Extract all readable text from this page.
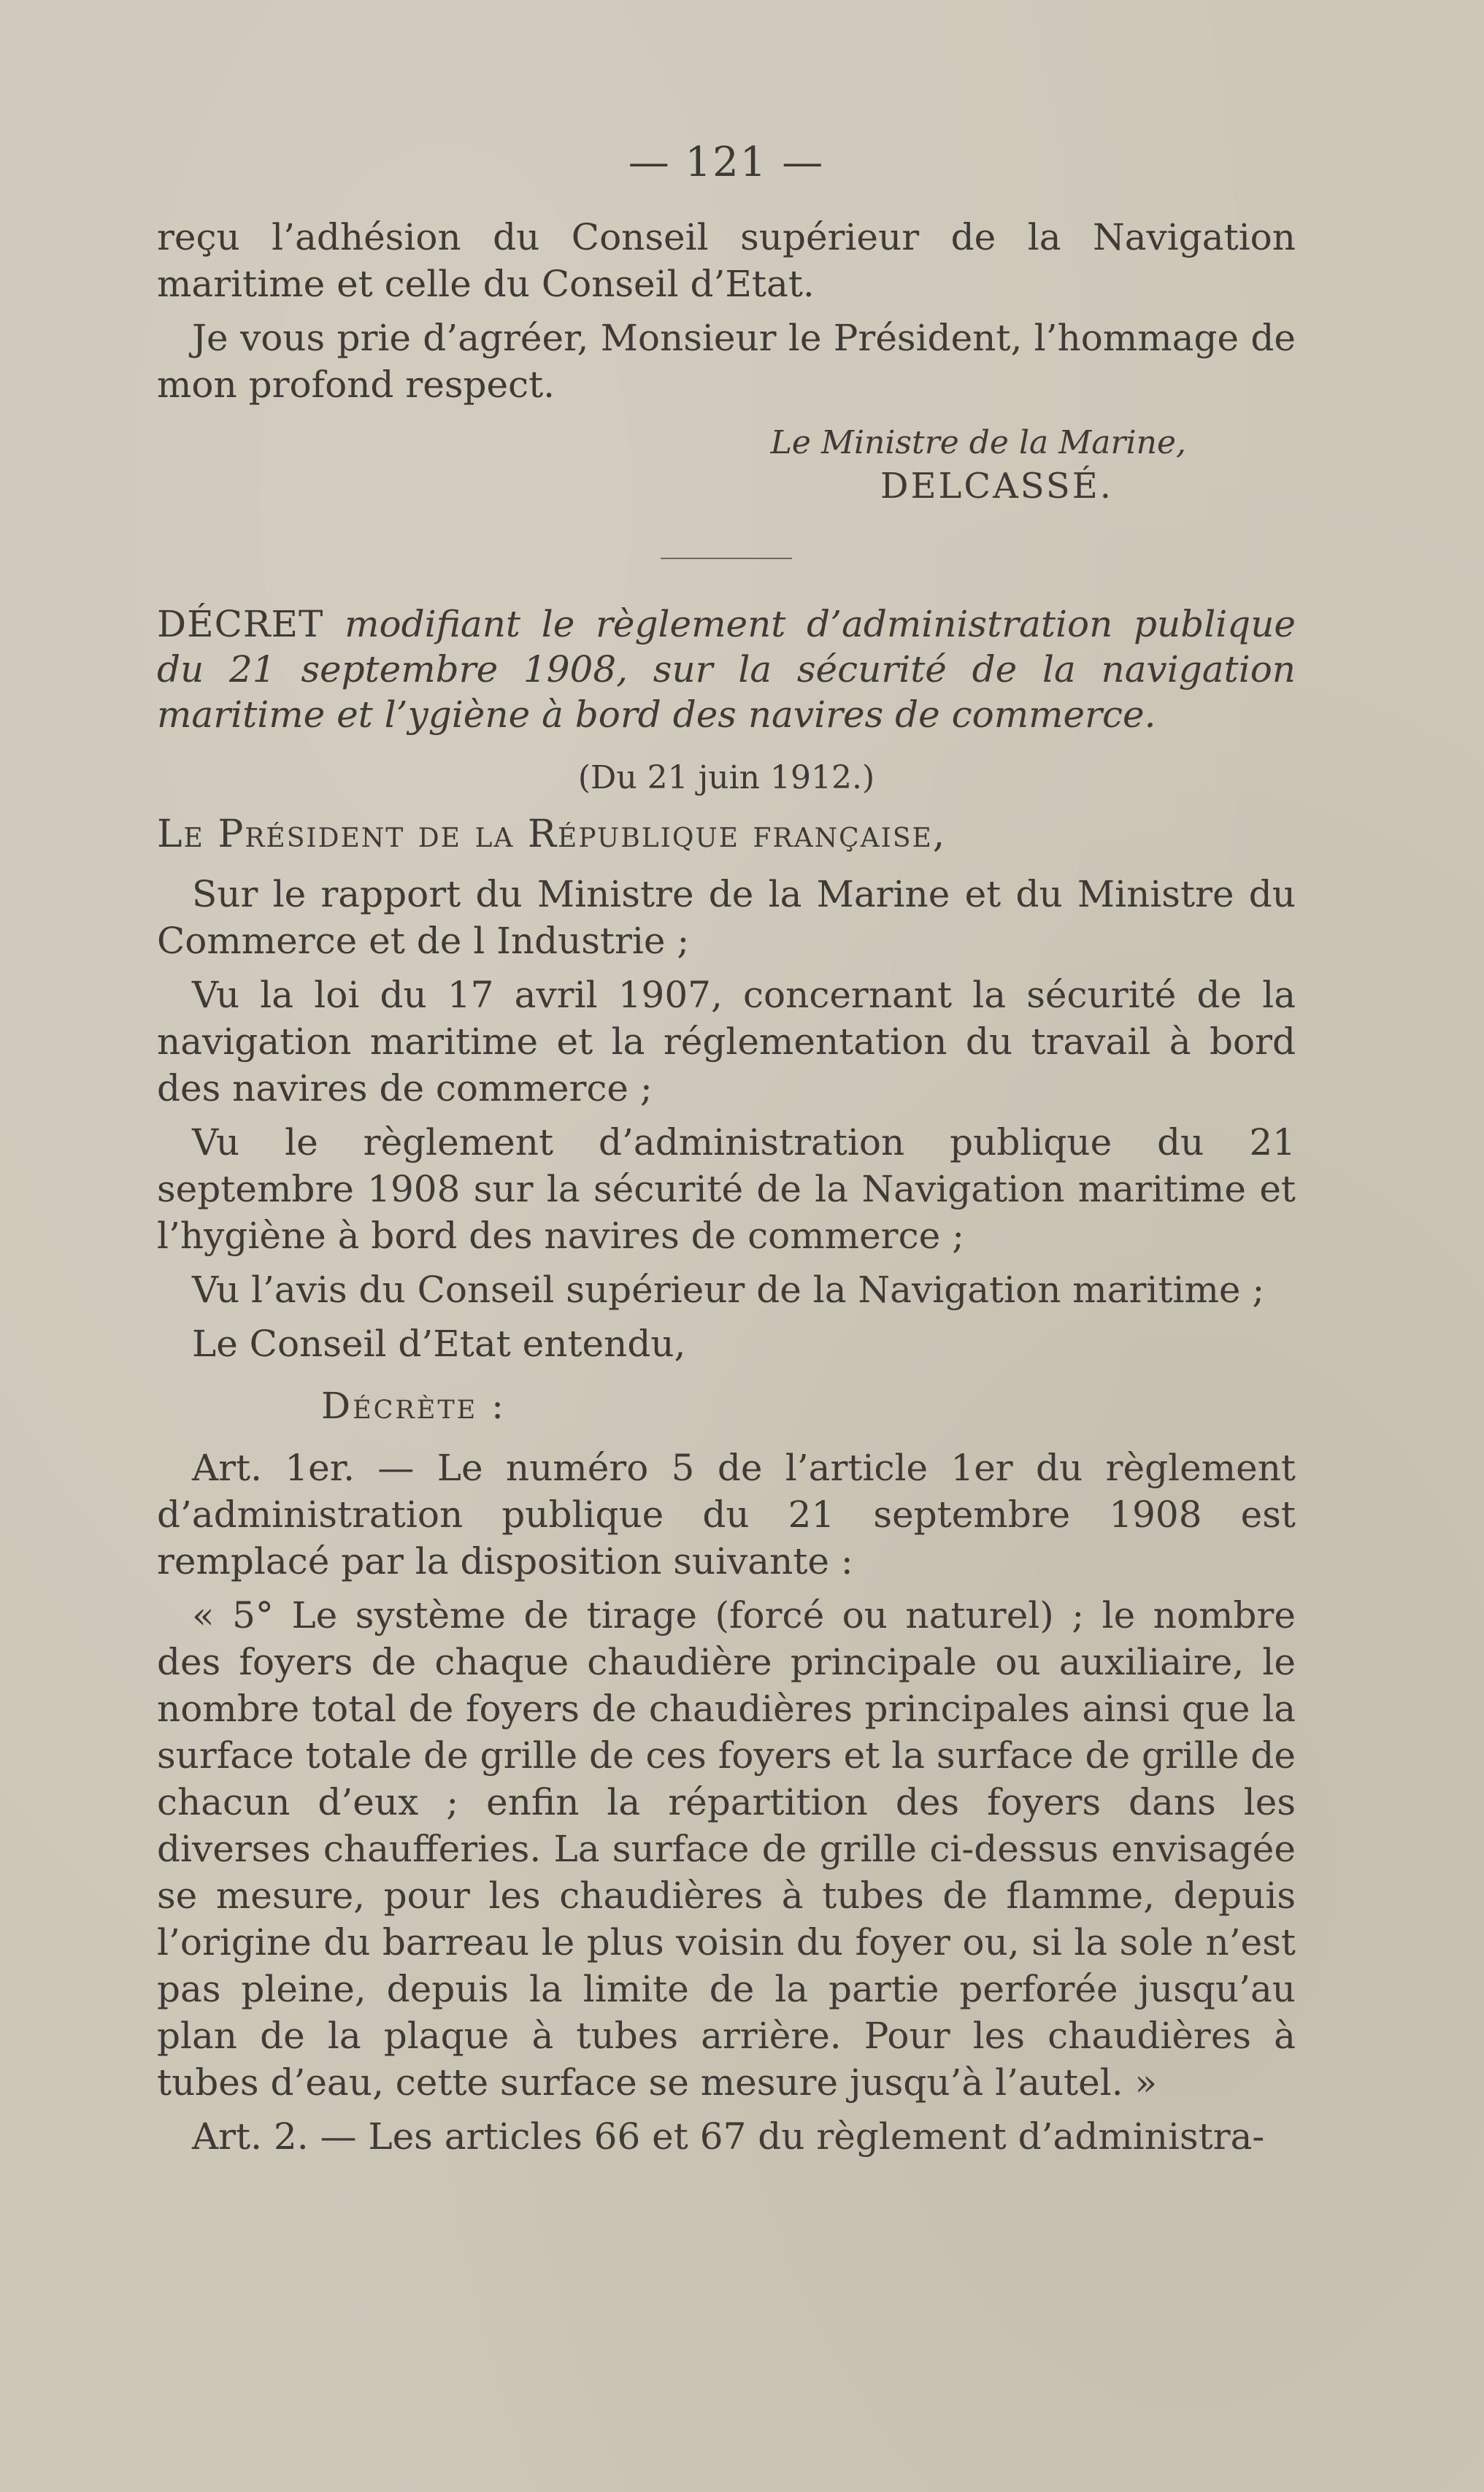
— 121 —

reçu l’adhésion du Conseil supérieur de la Navigation maritime et celle du Conseil d’Etat.

Je vous prie d’agréer, Monsieur le Président, l’hommage de mon profond respect.

Le Ministre de la Marine,
DELCASSÉ.

DÉCRET modifiant le règlement d’administration publique du 21 septembre 1908, sur la sécurité de la navigation maritime et l’ygiène à bord des navires de commerce.

(Du 21 juin 1912.)
Le Président de la République française,

Sur le rapport du Ministre de la Marine et du Ministre du Commerce et de l Industrie ;

Vu la loi du 17 avril 1907, concernant la sécurité de la navigation maritime et la réglementation du travail à bord des navires de commerce ;

Vu le règlement d’administration publique du 21 septembre 1908 sur la sécurité de la Navigation maritime et l’hygiène à bord des navires de commerce ;

Vu l’avis du Conseil supérieur de la Navigation maritime ;

Le Conseil d’Etat entendu,

Décrète :

Art. 1er. — Le numéro 5 de l’article 1er du règlement d’administration publique du 21 septembre 1908 est remplacé par la disposition suivante :

« 5° Le système de tirage (forcé ou naturel) ; le nombre des foyers de chaque chaudière principale ou auxiliaire, le nombre total de foyers de chaudières principales ainsi que la surface totale de grille de ces foyers et la surface de grille de chacun d’eux ; enfin la répartition des foyers dans les diverses chaufferies. La surface de grille ci-dessus envisagée se mesure, pour les chaudières à tubes de flamme, depuis l’origine du barreau le plus voisin du foyer ou, si la sole n’est pas pleine, depuis la limite de la partie perforée jusqu’au plan de la plaque à tubes arrière. Pour les chaudières à tubes d’eau, cette surface se mesure jusqu’à l’autel. »

Art. 2. — Les articles 66 et 67 du règlement d’administra-
